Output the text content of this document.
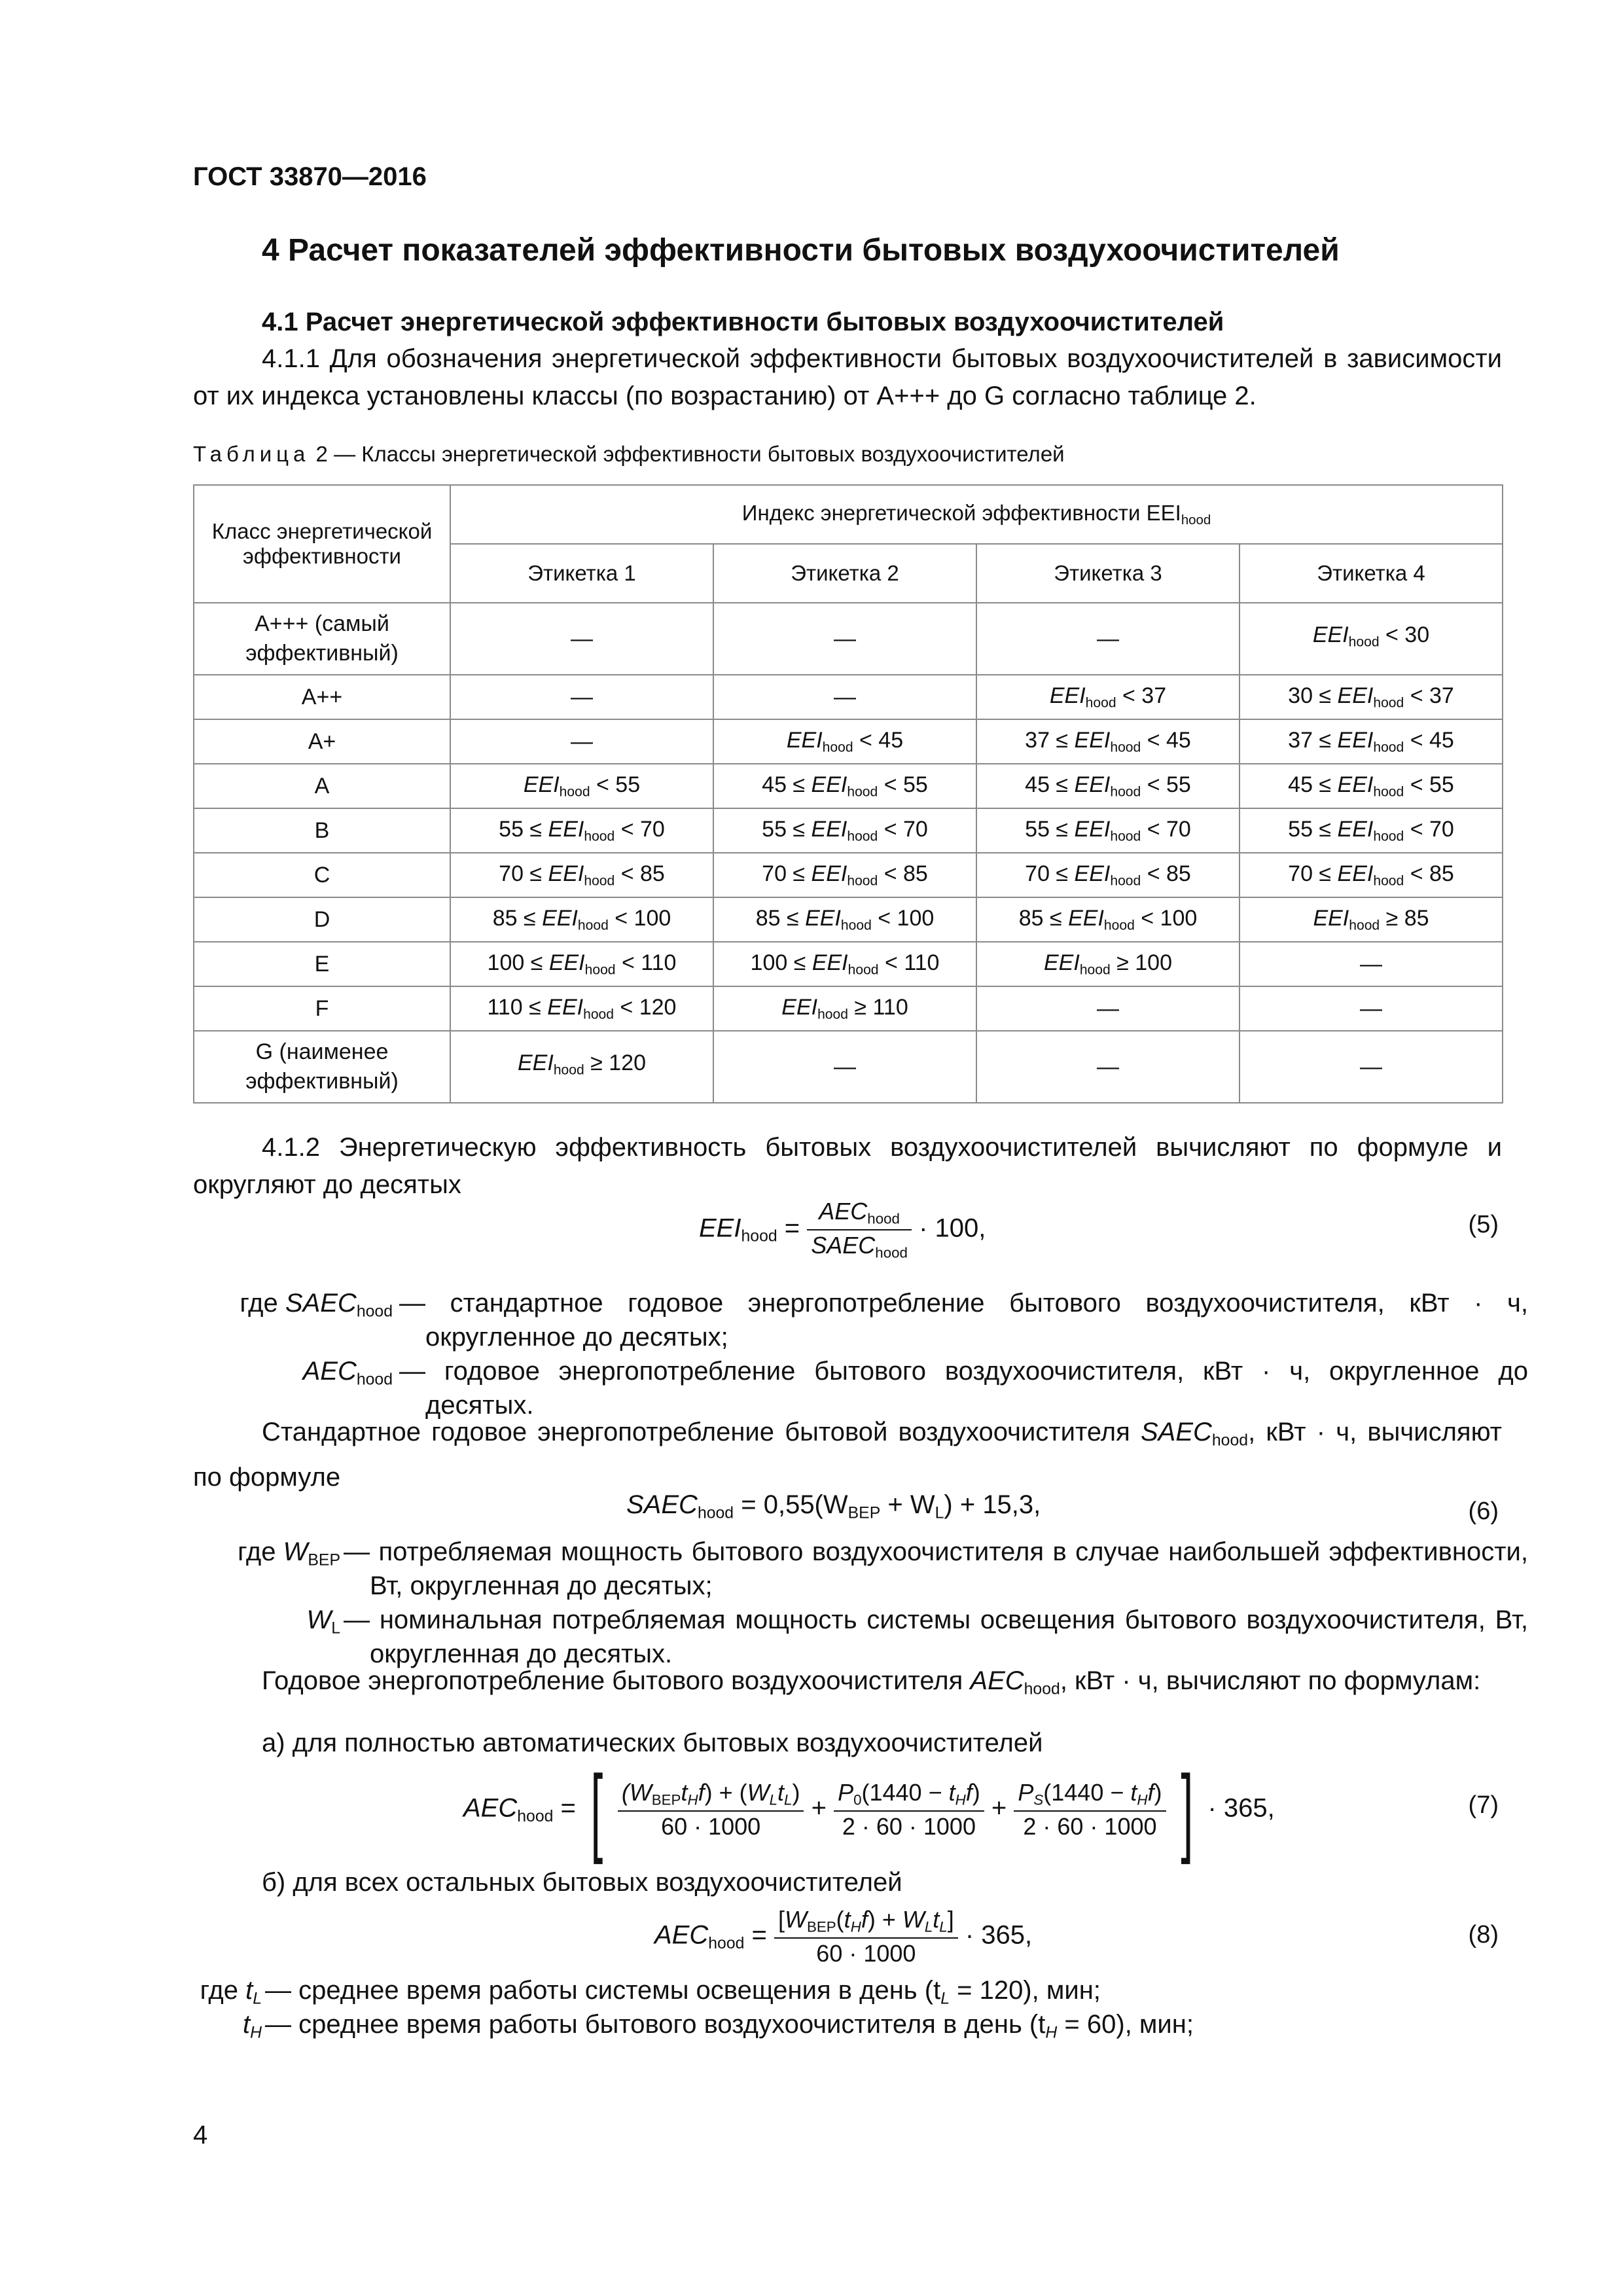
ГОСТ 33870—2016
4 Расчет показателей эффективности бытовых воздухоочистителей
4.1 Расчет энергетической эффективности бытовых воздухоочистителей
4.1.1 Для обозначения энергетической эффективности бытовых воздухоочистителей в зависимости от их индекса установлены классы (по возрастанию) от А+++ до G согласно таблице 2.
Таблица 2 — Классы энергетической эффективности бытовых воздухоочистителей
Класс энергетической эффективности	Индекс энергетической эффективности $EEI_{hood}$
	Этикетка 1	Этикетка 2	Этикетка 3	Этикетка 4
А+++ (самый эффективный)	—	—	—	$EEI_{hood} < 30$
А++	—	—	$EEI_{hood} < 37$	$30 \le EEI_{hood} < 37$
А+	—	$EEI_{hood} < 45$	$37 \le EEI_{hood} < 45$	$37 \le EEI_{hood} < 45$
А	$EEI_{hood} < 55$	$45 \le EEI_{hood} < 55$	$45 \le EEI_{hood} < 55$	$45 \le EEI_{hood} < 55$
B	$55 \le EEI_{hood} < 70$	$55 \le EEI_{hood} < 70$	$55 \le EEI_{hood} < 70$	$55 \le EEI_{hood} < 70$
C	$70 \le EEI_{hood} < 85$	$70 \le EEI_{hood} < 85$	$70 \le EEI_{hood} < 85$	$70 \le EEI_{hood} < 85$
D	$85 \le EEI_{hood} < 100$	$85 \le EEI_{hood} < 100$	$85 \le EEI_{hood} < 100$	$EEI_{hood} \ge 85$
E	$100 \le EEI_{hood} < 110$	$100 \le EEI_{hood} < 110$	$EEI_{hood} \ge 100$	—
F	$110 \le EEI_{hood} < 120$	$EEI_{hood} \ge 110$	—	—
G (наименее эффективный)	$EEI_{hood} \ge 120$	—	—	—
4.1.2 Энергетическую эффективность бытовых воздухоочистителей вычисляют по формуле и округляют до десятых
$EEI_{hood} = \frac{AEC_{hood}}{SAEC_{hood}} \cdot 100$,	(5)
где $SAEC_{hood}$ — стандартное годовое энергопотребление бытового воздухоочистителя, кВт · ч, округленное до десятых;
$AEC_{hood}$ — годовое энергопотребление бытового воздухоочистителя, кВт · ч, округленное до десятых.
Стандартное годовое энергопотребление бытовой воздухоочистителя $SAEC_{hood}$, кВт · ч, вычисляют по формуле
$SAEC_{hood} = 0,55(W_{BEP} + W_L) + 15,3$,	(6)
где $W_{BEP}$ — потребляемая мощность бытового воздухоочистителя в случае наибольшей эффективности, Вт, округленная до десятых;
$W_L$ — номинальная потребляемая мощность системы освещения бытового воздухоочистителя, Вт, округленная до десятых.
Годовое энергопотребление бытового воздухоочистителя $AEC_{hood}$, кВт · ч, вычисляют по формулам:
а) для полностью автоматических бытовых воздухоочистителей
$AEC_{hood}$ = [ $\frac{(W_{BEP}t_Hf) + (W_Lt_L)}{60 \cdot 1000} + \frac{P_0(1440 - t_Hf)}{2 \cdot 60 \cdot 1000} + \frac{P_S(1440 - t_Hf)}{2 \cdot 60 \cdot 1000}$ ] · 365,	(7)
б) для всех остальных бытовых воздухоочистителей
$AEC_{hood} = \frac{[W_{BEP}(t_Hf) + W_Lt_L]}{60 \cdot 1000} \cdot 365$,	(8)
где $t_L$ — среднее время работы системы освещения в день $(t_L = 120)$, мин;
$t_H$ — среднее время работы бытового воздухоочистителя в день $(t_H = 60)$, мин;
4
